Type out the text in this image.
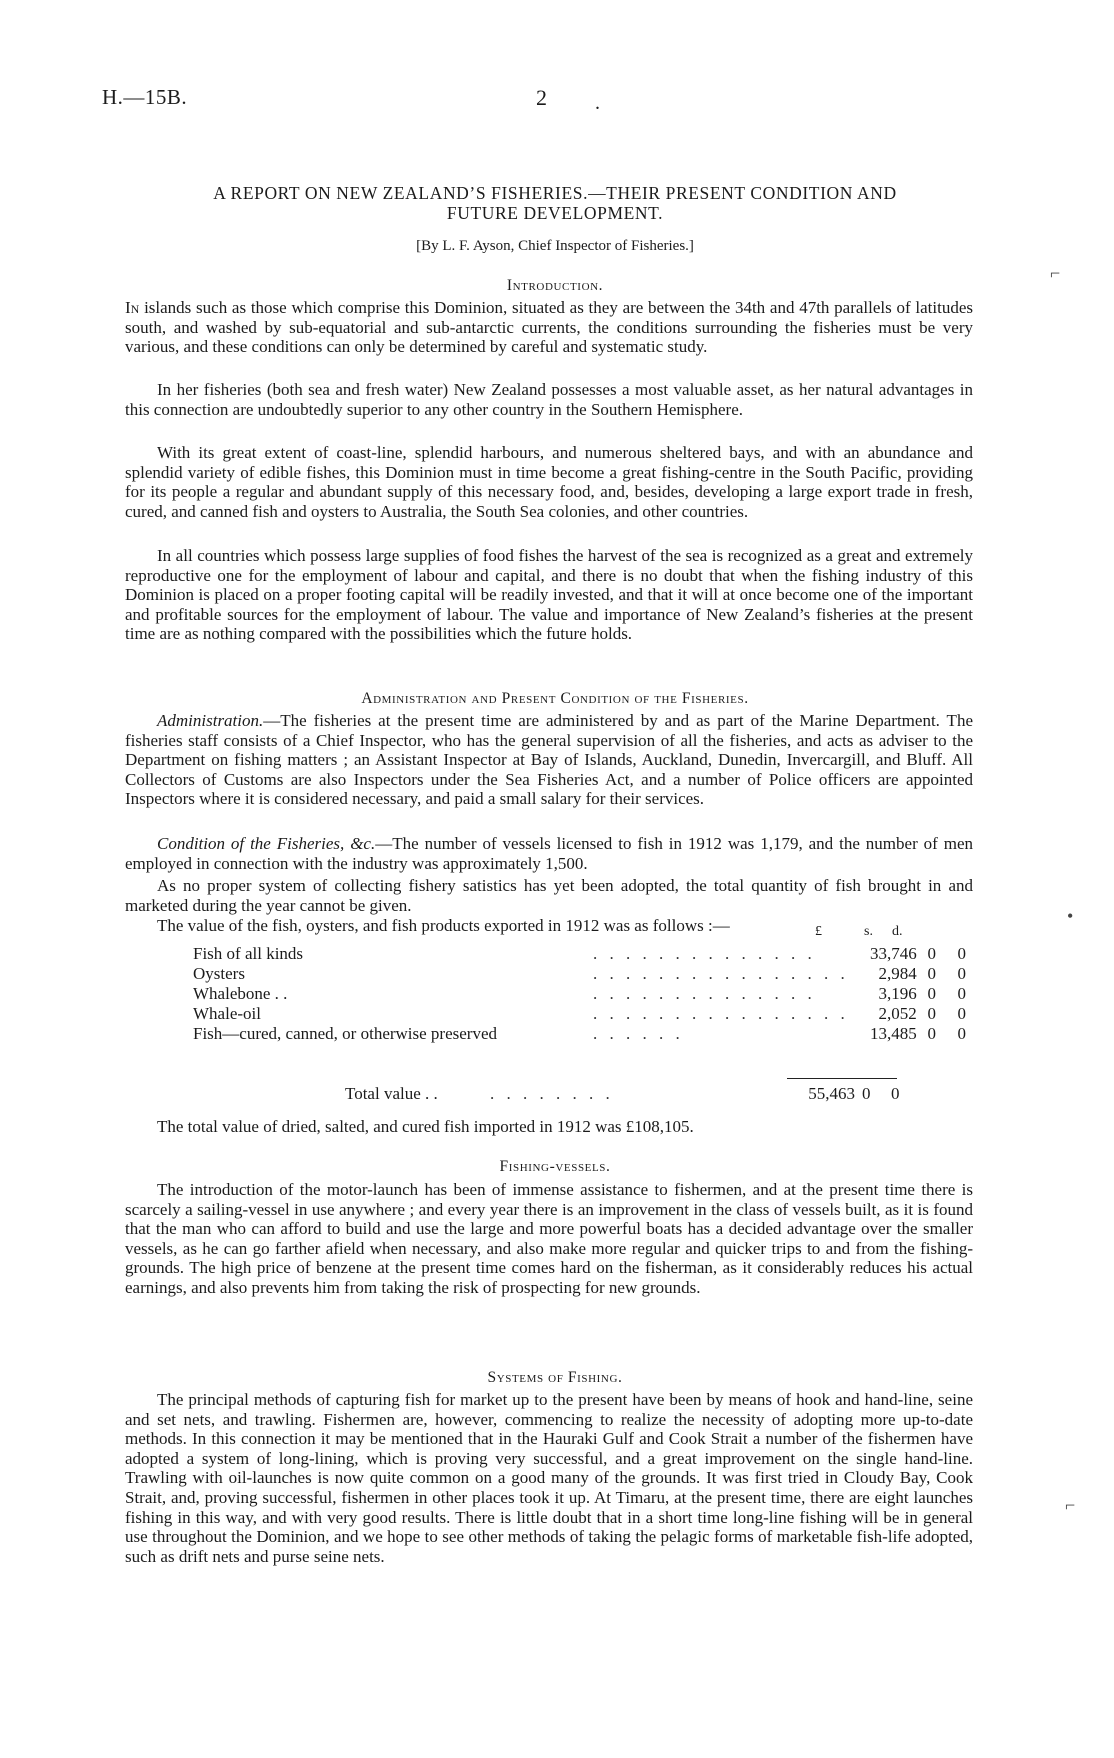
H.—15B.	2 .
A REPORT ON NEW ZEALAND’S FISHERIES.—THEIR PRESENT CONDITION AND
FUTURE DEVELOPMENT.
[By L. F. Ayson, Chief Inspector of Fisheries.]
Introduction.

In islands such as those which comprise this Dominion, situated as they are between the 34th and 47th parallels of latitudes south, and washed by sub-equatorial and sub-antarctic currents, the conditions surrounding the fisheries must be very various, and these conditions can only be determined by careful and systematic study.

In her fisheries (both sea and fresh water) New Zealand possesses a most valuable asset, as her natural advantages in this connection are undoubtedly superior to any other country in the Southern Hemisphere.

With its great extent of coast-line, splendid harbours, and numerous sheltered bays, and with an abundance and splendid variety of edible fishes, this Dominion must in time become a great fishing-centre in the South Pacific, providing for its people a regular and abundant supply of this necessary food, and, besides, developing a large export trade in fresh, cured, and canned fish and oysters to Australia, the South Sea colonies, and other countries.

In all countries which possess large supplies of food fishes the harvest of the sea is recognized as a great and extremely reproductive one for the employment of labour and capital, and there is no doubt that when the fishing industry of this Dominion is placed on a proper footing capital will be readily invested, and that it will at once become one of the important and profitable sources for the employment of labour. The value and importance of New Zealand’s fisheries at the present time are as nothing compared with the possibilities which the future holds.

Administration and Present Condition of the Fisheries.

Administration.—The fisheries at the present time are administered by and as part of the Marine Department. The fisheries staff consists of a Chief Inspector, who has the general supervision of all the fisheries, and acts as adviser to the Department on fishing matters ; an Assistant Inspector at Bay of Islands, Auckland, Dunedin, Invercargill, and Bluff. All Collectors of Customs are also Inspectors under the Sea Fisheries Act, and a number of Police officers are appointed Inspectors where it is considered necessary, and paid a small salary for their services.

Condition of the Fisheries, &c.—The number of vessels licensed to fish in 1912 was 1,179, and the number of men employed in connection with the industry was approximately 1,500.

As no proper system of collecting fishery satistics has yet been adopted, the total quantity of fish brought in and marketed during the year cannot be given.

The value of the fish, oysters, and fish products exported in 1912 was as follows :—	£	s. d.
Fish of all kinds	. . . . . . . . . . . . . .	33,746	0	0
Oysters	. . . . . . . . . . . . . . . .	2,984	0	0
Whalebone . .	. . . . . . . . . . . . . .	3,196	0	0
Whale-oil	. . . . . . . . . . . . . . . .	2,052	0	0
Fish—cured, canned, or otherwise preserved	. . . . . .	13,485	0	0
Total value . .	. . . . . . . .	55,463 0 0

The total value of dried, salted, and cured fish imported in 1912 was £108,105.

Fishing-vessels.

The introduction of the motor-launch has been of immense assistance to fishermen, and at the present time there is scarcely a sailing-vessel in use anywhere ; and every year there is an improvement in the class of vessels built, as it is found that the man who can afford to build and use the large and more powerful boats has a decided advantage over the smaller vessels, as he can go farther afield when necessary, and also make more regular and quicker trips to and from the fishing-grounds. The high price of benzene at the present time comes hard on the fisherman, as it considerably reduces his actual earnings, and also prevents him from taking the risk of prospecting for new grounds.

Systems of Fishing.

The principal methods of capturing fish for market up to the present have been by means of hook and hand-line, seine and set nets, and trawling. Fishermen are, however, commencing to realize the necessity of adopting more up-to-date methods. In this connection it may be mentioned that in the Hauraki Gulf and Cook Strait a number of the fishermen have adopted a system of long-lining, which is proving very successful, and a great improvement on the single hand-line. Trawling with oil-launches is now quite common on a good many of the grounds. It was first tried in Cloudy Bay, Cook Strait, and, proving successful, fishermen in other places took it up. At Timaru, at the present time, there are eight launches fishing in this way, and with very good results. There is little doubt that in a short time long-line fishing will be in general use throughout the Dominion, and we hope to see other methods of taking the pelagic forms of marketable fish-life adopted, such as drift nets and purse seine nets.

⌐
•
⌐
